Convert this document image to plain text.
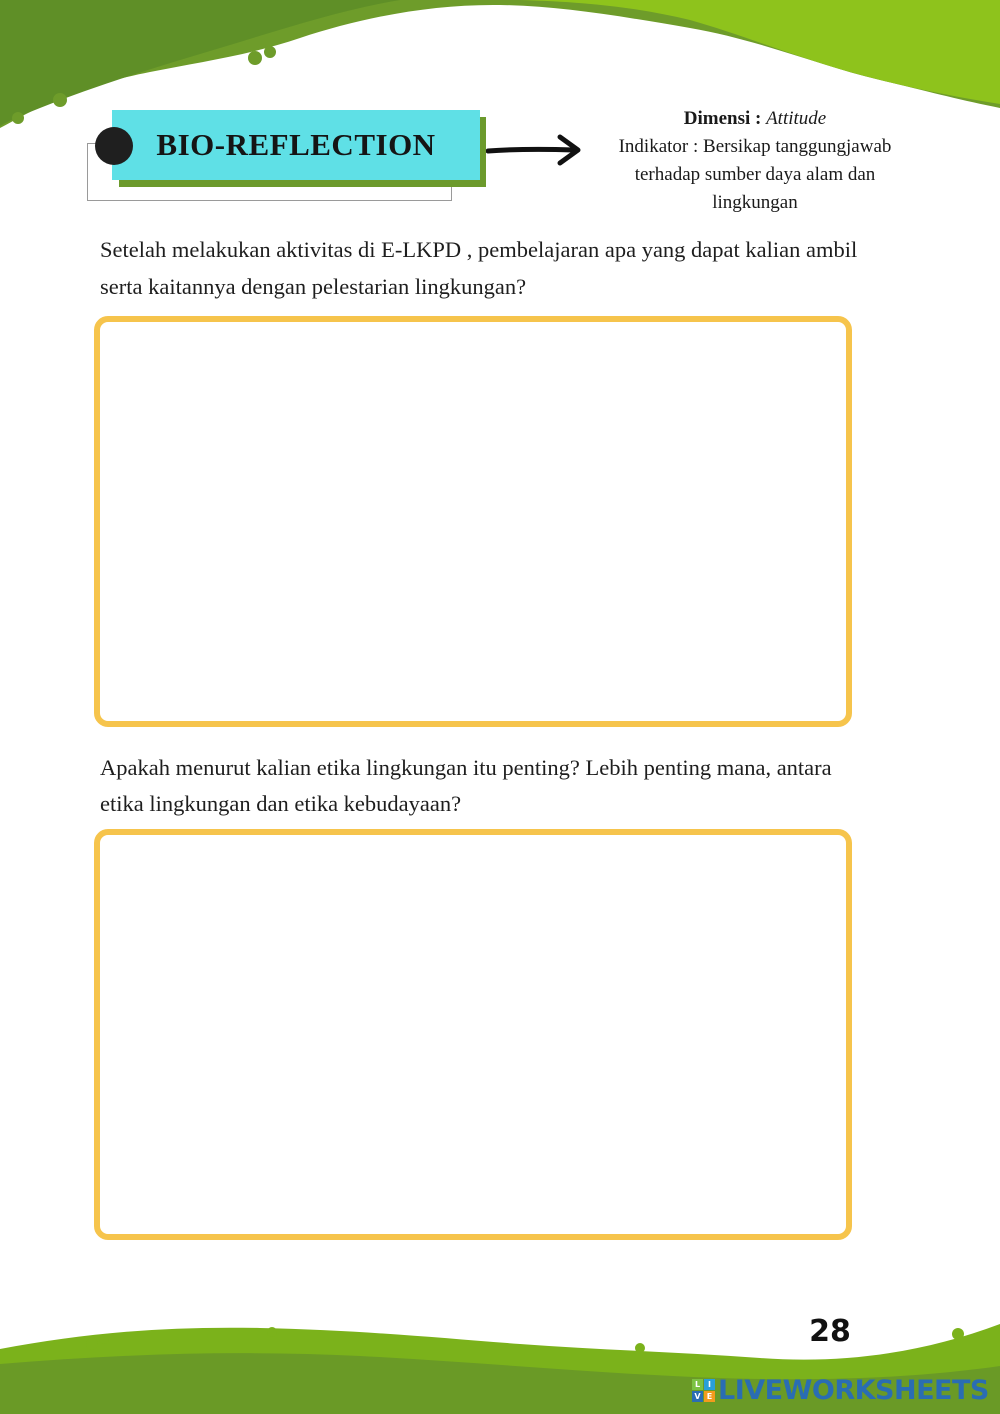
BIO-REFLECTION
Dimensi : Attitude
Indikator : Bersikap tanggungjawab terhadap sumber daya alam dan lingkungan
Setelah melakukan aktivitas di E-LKPD , pembelajaran apa yang dapat kalian ambil serta kaitannya dengan pelestarian lingkungan?
Apakah menurut kalian etika lingkungan itu penting? Lebih penting mana, antara etika lingkungan dan etika kebudayaan?
28
L I
V E LIVEWORKSHEETS
